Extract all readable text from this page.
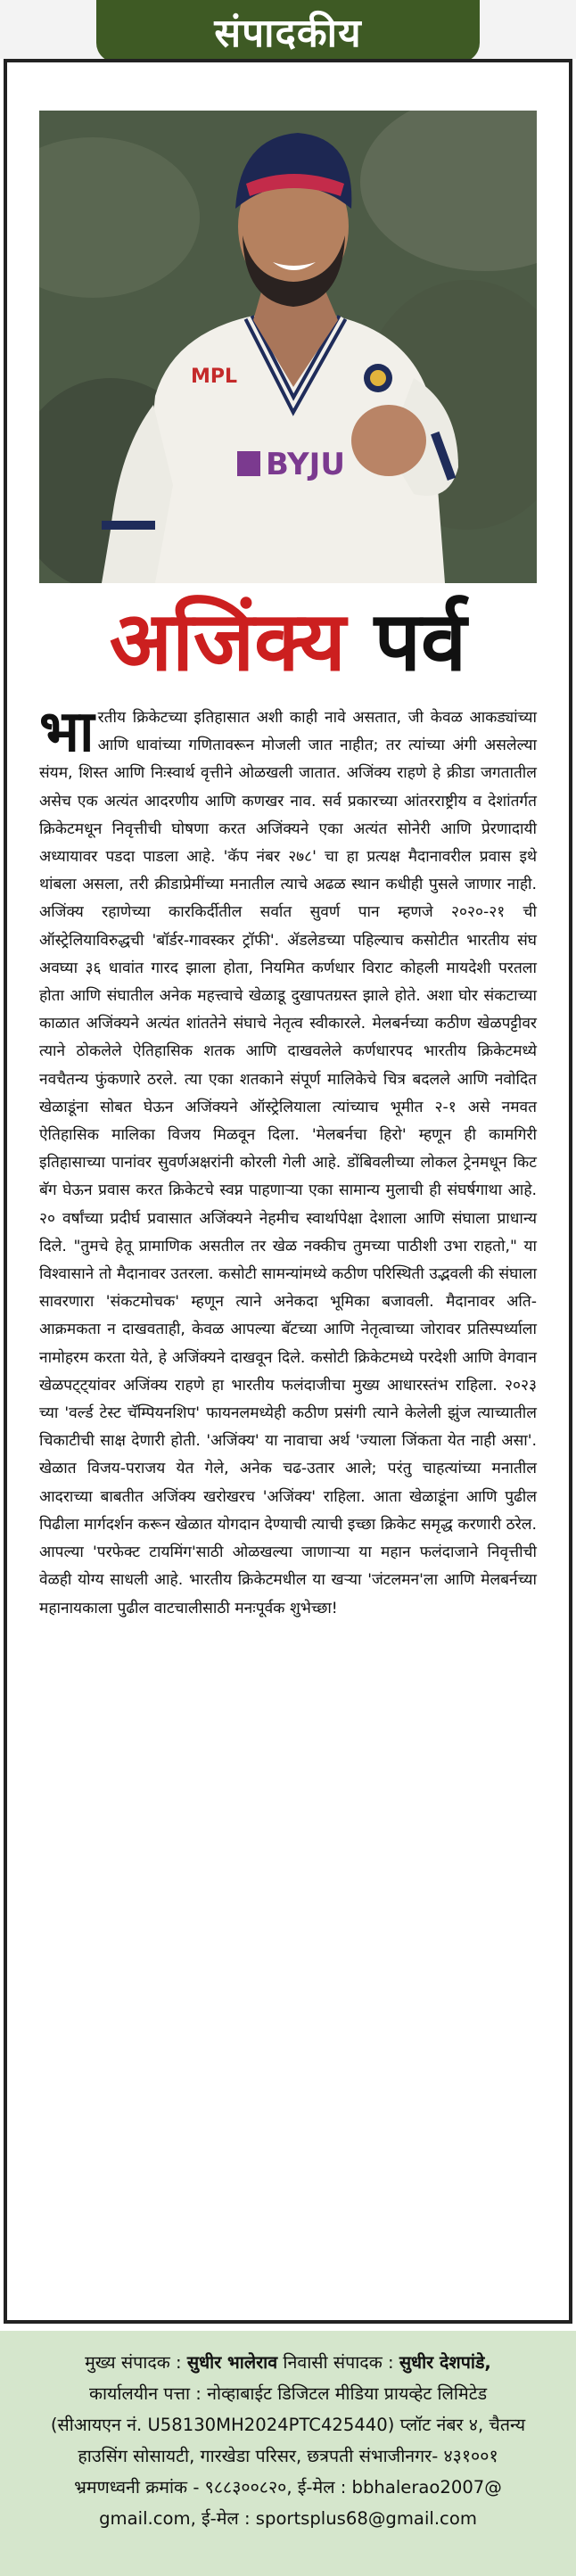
संपादकीय
MPL
BYJU
अजिंक्य पर्व
भा रतीय क्रिकेटच्या इतिहासात अशी काही नावे असतात, जी केवळ आकड्यांच्या आणि धावांच्या गणितावरून मोजली जात नाहीत; तर त्यांच्या अंगी असलेल्या संयम, शिस्त आणि निःस्वार्थ वृत्तीने ओळखली जातात. अजिंक्य राहणे हे क्रीडा जगतातील असेच एक अत्यंत आदरणीय आणि कणखर नाव. सर्व प्रकारच्या आंतरराष्ट्रीय व देशांतर्गत क्रिकेटमधून निवृत्तीची घोषणा करत अजिंक्यने एका अत्यंत सोनेरी आणि प्रेरणादायी अध्यायावर पडदा पाडला आहे. 'कॅप नंबर २७८' चा हा प्रत्यक्ष मैदानावरील प्रवास इथे थांबला असला, तरी क्रीडाप्रेमींच्या मनातील त्याचे अढळ स्थान कधीही पुसले जाणार नाही. अजिंक्य रहाणेच्या कारकिर्दीतील सर्वात सुवर्ण पान म्हणजे २०२०-२१ ची ऑस्ट्रेलियाविरुद्धची 'बॉर्डर-गावस्कर ट्रॉफी'. ॲडलेडच्या पहिल्याच कसोटीत भारतीय संघ अवघ्या ३६ धावांत गारद झाला होता, नियमित कर्णधार विराट कोहली मायदेशी परतला होता आणि संघातील अनेक महत्त्वाचे खेळाडू दुखापतग्रस्त झाले होते. अशा घोर संकटाच्या काळात अजिंक्यने अत्यंत शांततेने संघाचे नेतृत्व स्वीकारले. मेलबर्नच्या कठीण खेळपट्टीवर त्याने ठोकलेले ऐतिहासिक शतक आणि दाखवलेले कर्णधारपद भारतीय क्रिकेटमध्ये नवचैतन्य फुंकणारे ठरले. त्या एका शतकाने संपूर्ण मालिकेचे चित्र बदलले आणि नवोदित खेळाडूंना सोबत घेऊन अजिंक्यने ऑस्ट्रेलियाला त्यांच्याच भूमीत २-१ असे नमवत ऐतिहासिक मालिका विजय मिळवून दिला. 'मेलबर्नचा हिरो' म्हणून ही कामगिरी इतिहासाच्या पानांवर सुवर्णअक्षरांनी कोरली गेली आहे. डोंबिवलीच्या लोकल ट्रेनमधून किट बॅग घेऊन प्रवास करत क्रिकेटचे स्वप्न पाहणाऱ्या एका सामान्य मुलाची ही संघर्षगाथा आहे. २० वर्षांच्या प्रदीर्घ प्रवासात अजिंक्यने नेहमीच स्वार्थापेक्षा देशाला आणि संघाला प्राधान्य दिले. "तुमचे हेतू प्रामाणिक असतील तर खेळ नक्कीच तुमच्या पाठीशी उभा राहतो," या विश्वासाने तो मैदानावर उतरला. कसोटी सामन्यांमध्ये कठीण परिस्थिती उद्भवली की संघाला सावरणारा 'संकटमोचक' म्हणून त्याने अनेकदा भूमिका बजावली. मैदानावर अति-आक्रमकता न दाखवताही, केवळ आपल्या बॅटच्या आणि नेतृत्वाच्या जोरावर प्रतिस्पर्ध्याला नामोहरम करता येते, हे अजिंक्यने दाखवून दिले. कसोटी क्रिकेटमध्ये परदेशी आणि वेगवान खेळपट्ट्यांवर अजिंक्य राहणे हा भारतीय फलंदाजीचा मुख्य आधारस्तंभ राहिला. २०२३ च्या 'वर्ल्ड टेस्ट चॅम्पियनशिप' फायनलमध्येही कठीण प्रसंगी त्याने केलेली झुंज त्याच्यातील चिकाटीची साक्ष देणारी होती. 'अजिंक्य' या नावाचा अर्थ 'ज्याला जिंकता येत नाही असा'. खेळात विजय-पराजय येत गेले, अनेक चढ-उतार आले; परंतु चाहत्यांच्या मनातील आदराच्या बाबतीत अजिंक्य खरोखरच 'अजिंक्य' राहिला. आता खेळाडूंना आणि पुढील पिढीला मार्गदर्शन करून खेळात योगदान देण्याची त्याची इच्छा क्रिकेट समृद्ध करणारी ठरेल. आपल्या 'परफेक्ट टायमिंग'साठी ओळखल्या जाणाऱ्या या महान फलंदाजाने निवृत्तीची वेळही योग्य साधली आहे. भारतीय क्रिकेटमधील या खऱ्या 'जंटलमन'ला आणि मेलबर्नच्या महानायकाला पुढील वाटचालीसाठी मनःपूर्वक शुभेच्छा!
मुख्य संपादक : सुधीर भालेराव निवासी संपादक : सुधीर देशपांडे,
कार्यालयीन पत्ता : नोव्हाबाईट डिजिटल मीडिया प्रायव्हेट लिमिटेड
(सीआयएन नं. U58130MH2024PTC425440) प्लॉट नंबर ४, चैतन्य
हाउसिंग सोसायटी, गारखेडा परिसर, छत्रपती संभाजीनगर- ४३१००१
भ्रमणध्वनी क्रमांक - ९८८३००८२०, ई-मेल : bbhalerao2007@
gmail.com, ई-मेल : sportsplus68@gmail.com
